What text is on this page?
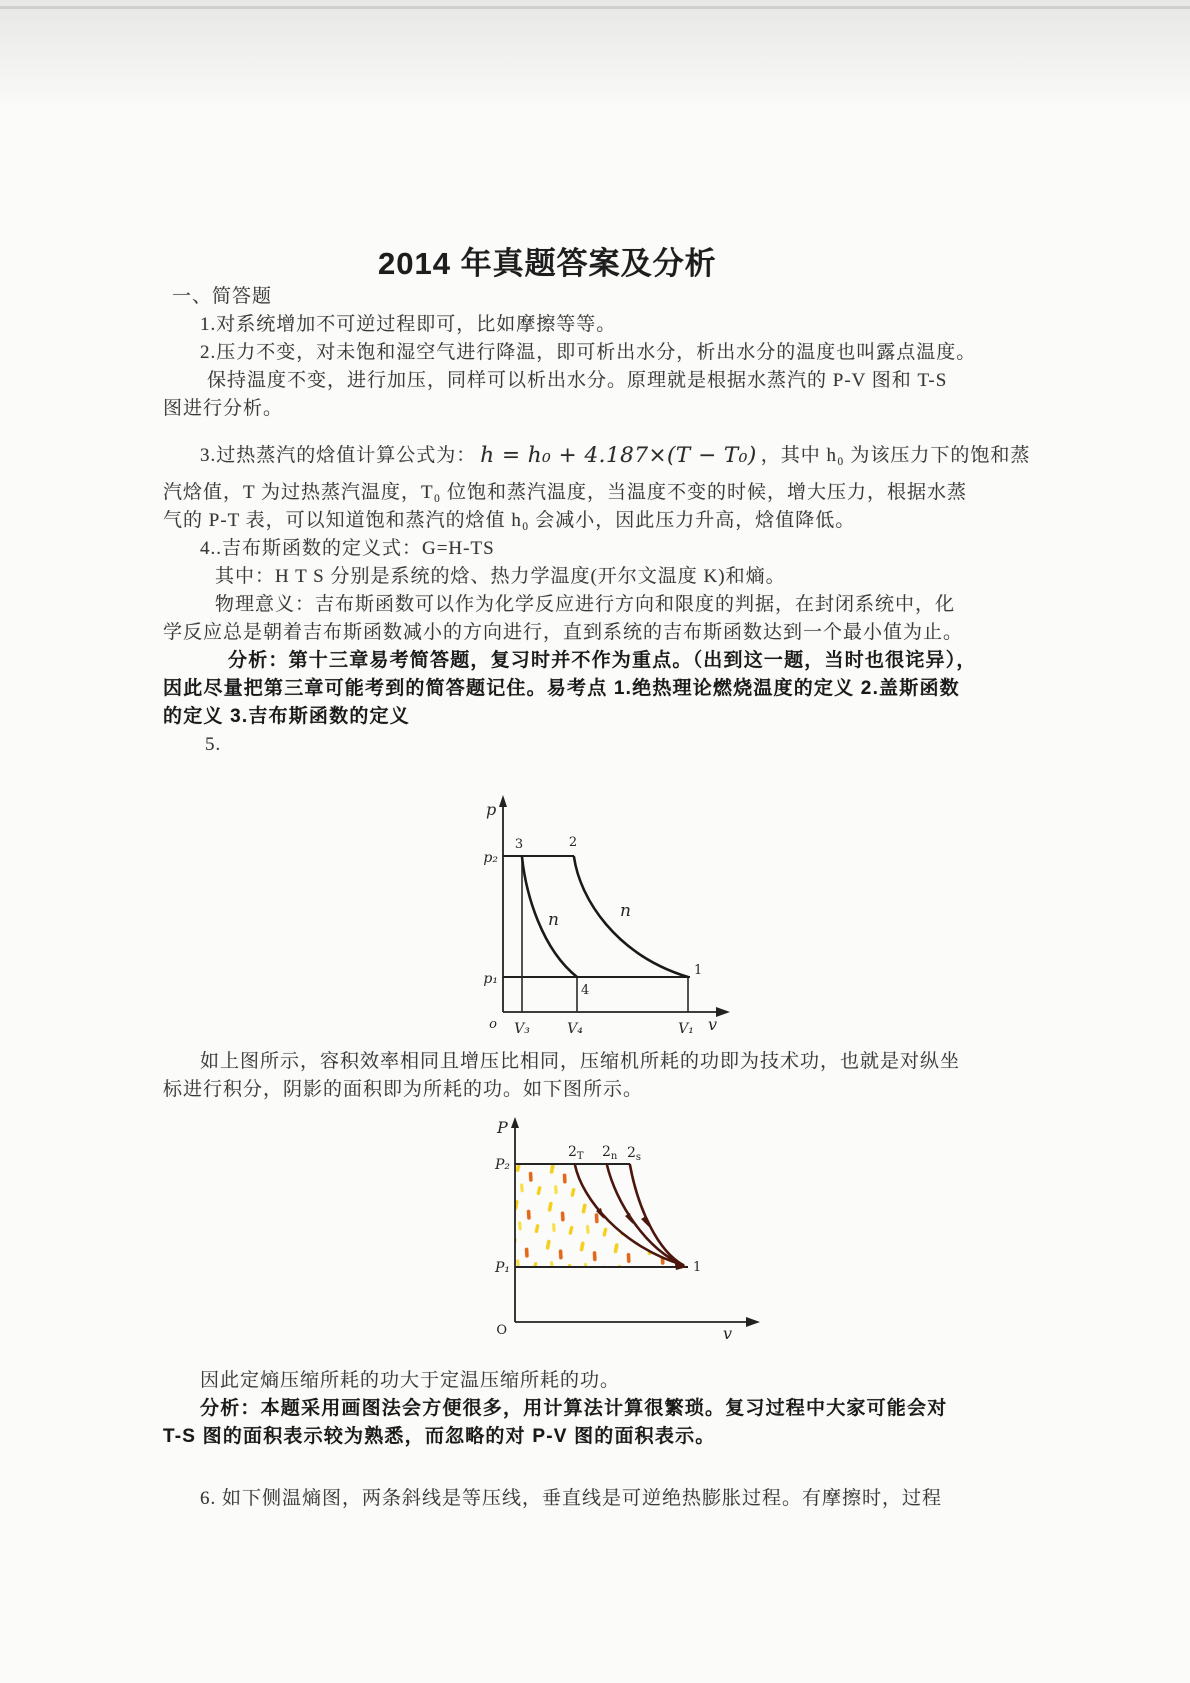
2014 年真题答案及分析
一、简答题
1.对系统增加不可逆过程即可，比如摩擦等等。
2.压力不变，对未饱和湿空气进行降温，即可析出水分，析出水分的温度也叫露点温度。
保持温度不变，进行加压，同样可以析出水分。原理就是根据水蒸汽的 P-V 图和 T-S
图进行分析。
3.过热蒸汽的焓值计算公式为： h = h₀ + 4.187×(T − T₀) ，其中 h₀ 为该压力下的饱和蒸
汽焓值，T 为过热蒸汽温度，T₀ 位饱和蒸汽温度，当温度不变的时候，增大压力，根据水蒸
气的 P-T 表，可以知道饱和蒸汽的焓值 h₀ 会减小，因此压力升高，焓值降低。
4..吉布斯函数的定义式：G=H-TS
其中：H T S 分别是系统的焓、热力学温度(开尔文温度 K)和熵。
物理意义：吉布斯函数可以作为化学反应进行方向和限度的判据，在封闭系统中，化
学反应总是朝着吉布斯函数减小的方向进行，直到系统的吉布斯函数达到一个最小值为止。
分析：第十三章易考简答题，复习时并不作为重点。（出到这一题，当时也很诧异），
因此尽量把第三章可能考到的简答题记住。易考点 1.绝热理论燃烧温度的定义 2.盖斯函数
的定义 3.吉布斯函数的定义
5.
p
p₂
3	2
n	n
p₁
4
1
o V₃	V₄	V₁ v
如上图所示，容积效率相同且增压比相同，压缩机所耗的功即为技术功，也就是对纵坐
标进行积分，阴影的面积即为所耗的功。如下图所示。
P
P₂
$2_T$ $2_n$ $2_s$
P₁	1
O	v
因此定熵压缩所耗的功大于定温压缩所耗的功。
分析：本题采用画图法会方便很多，用计算法计算很繁琐。复习过程中大家可能会对
T-S 图的面积表示较为熟悉，而忽略的对 P-V 图的面积表示。
6. 如下侧温熵图，两条斜线是等压线，垂直线是可逆绝热膨胀过程。有摩擦时，过程
